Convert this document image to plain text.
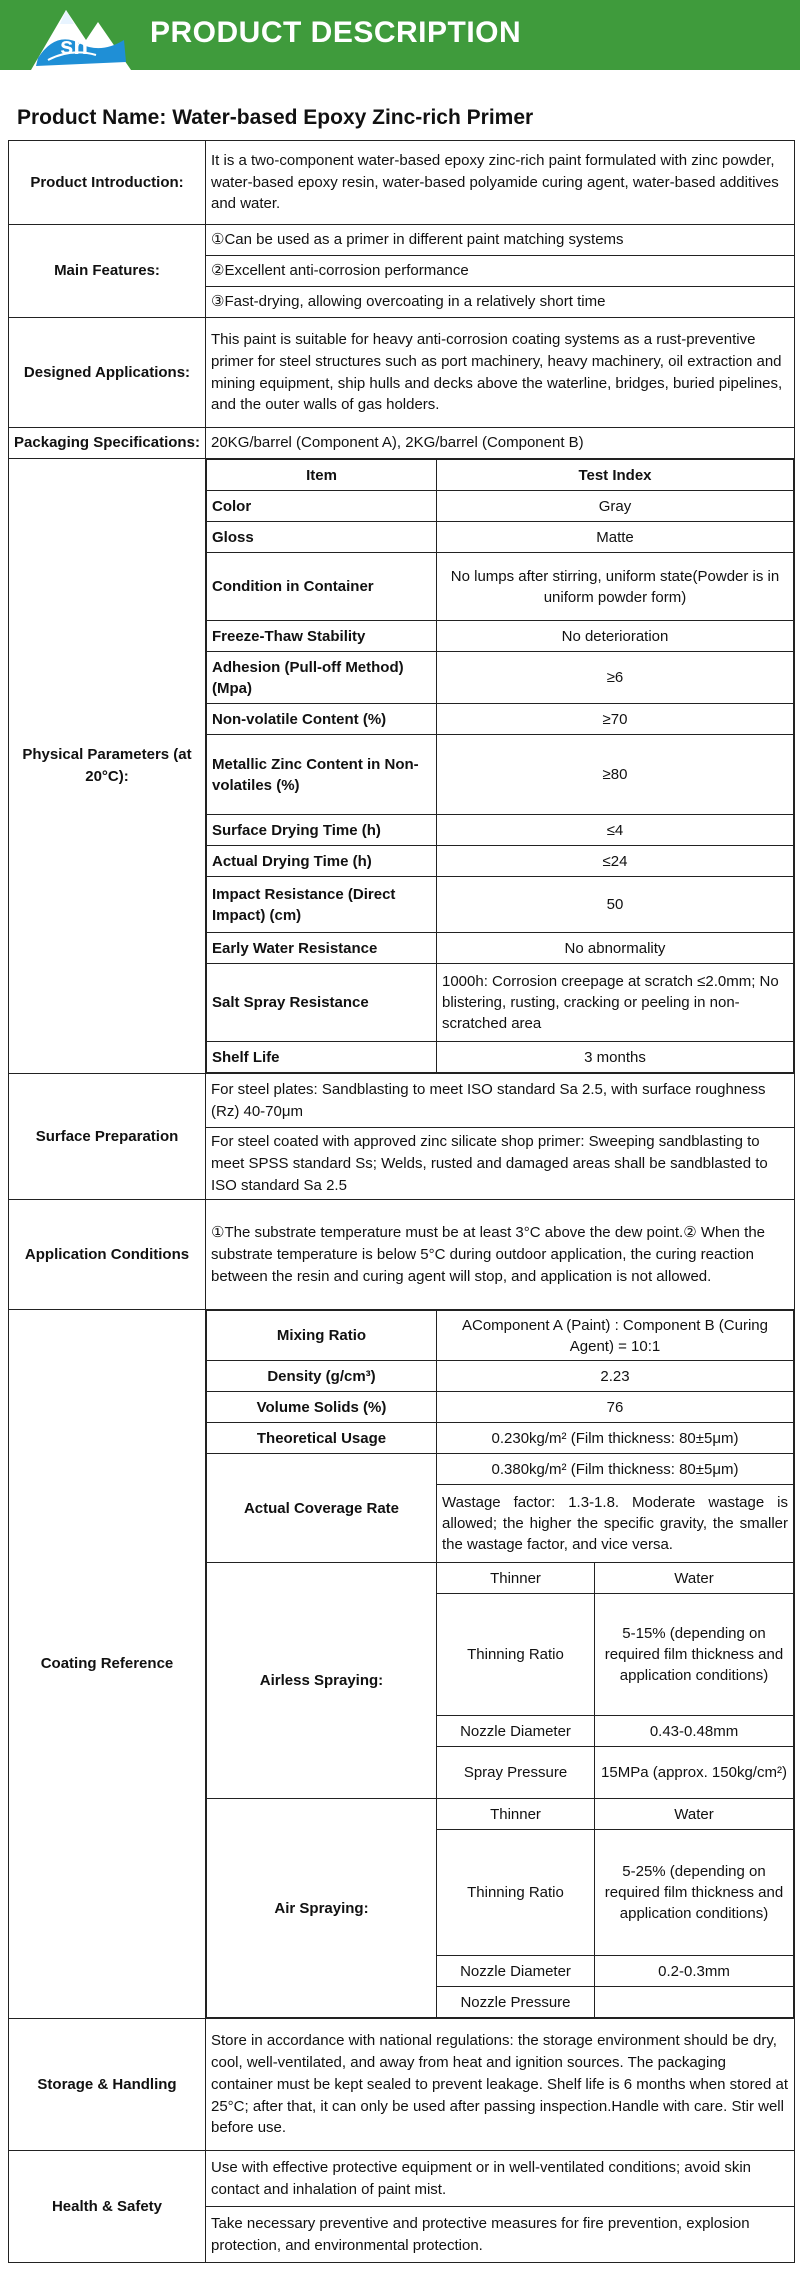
sh PRODUCT DESCRIPTION
Product Name: Water-based Epoxy Zinc-rich Primer
Product Introduction:	It is a two-component water-based epoxy zinc-rich paint formulated with zinc powder, water-based epoxy resin, water-based polyamide curing agent, water-based additives and water.
Main Features:	①Can be used as a primer in different paint matching systems
②Excellent anti-corrosion performance
③Fast-drying, allowing overcoating in a relatively short time
Designed Applications:	This paint is suitable for heavy anti-corrosion coating systems as a rust-preventive primer for steel structures such as port machinery, heavy machinery, oil extraction and mining equipment, ship hulls and decks above the waterline, bridges, buried pipelines, and the outer walls of gas holders.
Packaging Specifications:	20KG/barrel (Component A), 2KG/barrel (Component B)
Physical Parameters (at 20°C):	
Item	Test Index
Color	Gray
Gloss	Matte
Condition in Container	No lumps after stirring, uniform state(Powder is in uniform powder form)
Freeze-Thaw Stability	No deterioration
Adhesion (Pull-off Method) (Mpa)	≥6
Non-volatile Content (%)	≥70
Metallic Zinc Content in Non-volatiles (%)	≥80
Surface Drying Time (h)	≤4
Actual Drying Time (h)	≤24
Impact Resistance (Direct Impact) (cm)	50
Early Water Resistance	No abnormality
Salt Spray Resistance	1000h: Corrosion creepage at scratch ≤2.0mm; No blistering, rusting, cracking or peeling in non-scratched area
Shelf Life	3 months

Surface Preparation	For steel plates: Sandblasting to meet ISO standard Sa 2.5, with surface roughness (Rz) 40-70μm
For steel coated with approved zinc silicate shop primer: Sweeping sandblasting to meet SPSS standard Ss; Welds, rusted and damaged areas shall be sandblasted to ISO standard Sa 2.5
Application Conditions	①The substrate temperature must be at least 3°C above the dew point.② When the substrate temperature is below 5°C during outdoor application, the curing reaction between the resin and curing agent will stop, and application is not allowed.
Coating Reference	
Mixing Ratio	AComponent A (Paint) : Component B (Curing Agent) = 10:1
Density (g/cm³)	2.23
Volume Solids (%)	76
Theoretical Usage	0.230kg/m² (Film thickness: 80±5μm)
Actual Coverage Rate	0.380kg/m² (Film thickness: 80±5μm)
Wastage factor: 1.3-1.8. Moderate wastage is allowed; the higher the specific gravity, the smaller the wastage factor, and vice versa.
Airless Spraying:	Thinner	Water
Thinning Ratio	5-15% (depending on required film thickness and application conditions)
Nozzle Diameter	0.43-0.48mm
Spray Pressure	15MPa (approx. 150kg/cm²)
Air Spraying:	Thinner	Water
Thinning Ratio	5-25% (depending on required film thickness and application conditions)
Nozzle Diameter	0.2-0.3mm
Nozzle Pressure	

Storage & Handling	Store in accordance with national regulations: the storage environment should be dry, cool, well-ventilated, and away from heat and ignition sources. The packaging container must be kept sealed to prevent leakage. Shelf life is 6 months when stored at 25°C; after that, it can only be used after passing inspection.Handle with care. Stir well before use.
Health & Safety	Use with effective protective equipment or in well-ventilated conditions; avoid skin contact and inhalation of paint mist.
Take necessary preventive and protective measures for fire prevention, explosion protection, and environmental protection.
